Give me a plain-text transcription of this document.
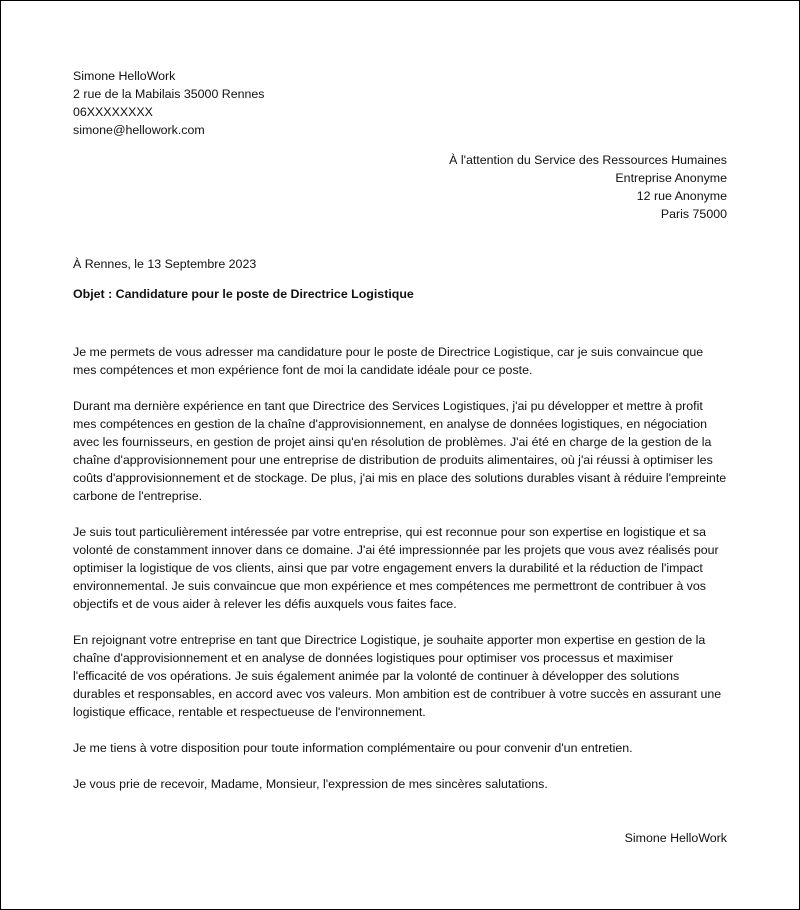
Simone HelloWork
2 rue de la Mabilais 35000 Rennes
06XXXXXXXX
simone@hellowork.com
À l'attention du Service des Ressources Humaines
Entreprise Anonyme
12 rue Anonyme
Paris 75000
À Rennes, le 13 Septembre 2023
Objet : Candidature pour le poste de Directrice Logistique

Je me permets de vous adresser ma candidature pour le poste de Directrice Logistique, car je suis convaincue que mes compétences et mon expérience font de moi la candidate idéale pour ce poste.

Durant ma dernière expérience en tant que Directrice des Services Logistiques, j'ai pu développer et mettre à profit mes compétences en gestion de la chaîne d'approvisionnement, en analyse de données logistiques, en négociation avec les fournisseurs, en gestion de projet ainsi qu'en résolution de problèmes. J'ai été en charge de la gestion de la chaîne d'approvisionnement pour une entreprise de distribution de produits alimentaires, où j'ai réussi à optimiser les coûts d'approvisionnement et de stockage. De plus, j'ai mis en place des solutions durables visant à réduire l'empreinte carbone de l'entreprise.

Je suis tout particulièrement intéressée par votre entreprise, qui est reconnue pour son expertise en logistique et sa volonté de constamment innover dans ce domaine. J'ai été impressionnée par les projets que vous avez réalisés pour optimiser la logistique de vos clients, ainsi que par votre engagement envers la durabilité et la réduction de l'impact environnemental. Je suis convaincue que mon expérience et mes compétences me permettront de contribuer à vos objectifs et de vous aider à relever les défis auxquels vous faites face.

En rejoignant votre entreprise en tant que Directrice Logistique, je souhaite apporter mon expertise en gestion de la chaîne d'approvisionnement et en analyse de données logistiques pour optimiser vos processus et maximiser l'efficacité de vos opérations. Je suis également animée par la volonté de continuer à développer des solutions durables et responsables, en accord avec vos valeurs. Mon ambition est de contribuer à votre succès en assurant une logistique efficace, rentable et respectueuse de l'environnement.

Je me tiens à votre disposition pour toute information complémentaire ou pour convenir d'un entretien.

Je vous prie de recevoir, Madame, Monsieur, l'expression de mes sincères salutations.

Simone HelloWork
